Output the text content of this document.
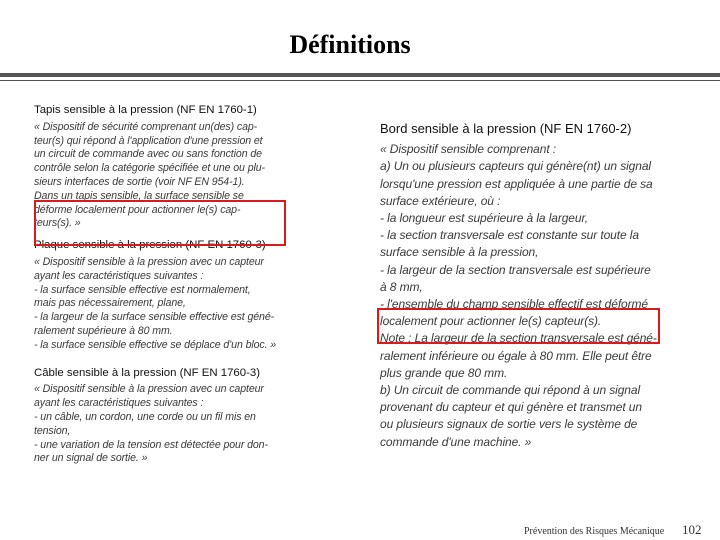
Définitions
Tapis sensible à la pression (NF EN 1760-1)
« Dispositif de sécurité comprenant un(des) cap-
teur(s) qui répond à l'application d'une pression et
un circuit de commande avec ou sans fonction de
contrôle selon la catégorie spécifiée et une ou plu-
sieurs interfaces de sortie (voir NF EN 954-1).
Dans un tapis sensible, la surface sensible se
déforme localement pour actionner le(s) cap-
teurs(s). »
Plaque sensible à la pression (NF EN 1760-3)
« Dispositif sensible à la pression avec un capteur
ayant les caractéristiques suivantes :
- la surface sensible effective est normalement,
mais pas nécessairement, plane,
- la largeur de la surface sensible effective est géné-
ralement supérieure à 80 mm.
- la surface sensible effective se déplace d'un bloc. »
Câble sensible à la pression (NF EN 1760-3)
« Dispositif sensible à la pression avec un capteur
ayant les caractéristiques suivantes :
- un câble, un cordon, une corde ou un fil mis en
tension,
- une variation de la tension est détectée pour don-
ner un signal de sortie. »
Bord sensible à la pression (NF EN 1760-2)
« Dispositif sensible comprenant :
a) Un ou plusieurs capteurs qui génère(nt) un signal
lorsqu'une pression est appliquée à une partie de sa
surface extérieure, où :
- la longueur est supérieure à la largeur,
- la section transversale est constante sur toute la
surface sensible à la pression,
- la largeur de la section transversale est supérieure
à 8 mm,
- l'ensemble du champ sensible effectif est déformé
localement pour actionner le(s) capteur(s).
Note : La largeur de la section transversale est géné-
ralement inférieure ou égale à 80 mm. Elle peut être
plus grande que 80 mm.
b) Un circuit de commande qui répond à un signal
provenant du capteur et qui génère et transmet un
ou plusieurs signaux de sortie vers le système de
commande d'une machine. »
Prévention des Risques Mécanique 102
